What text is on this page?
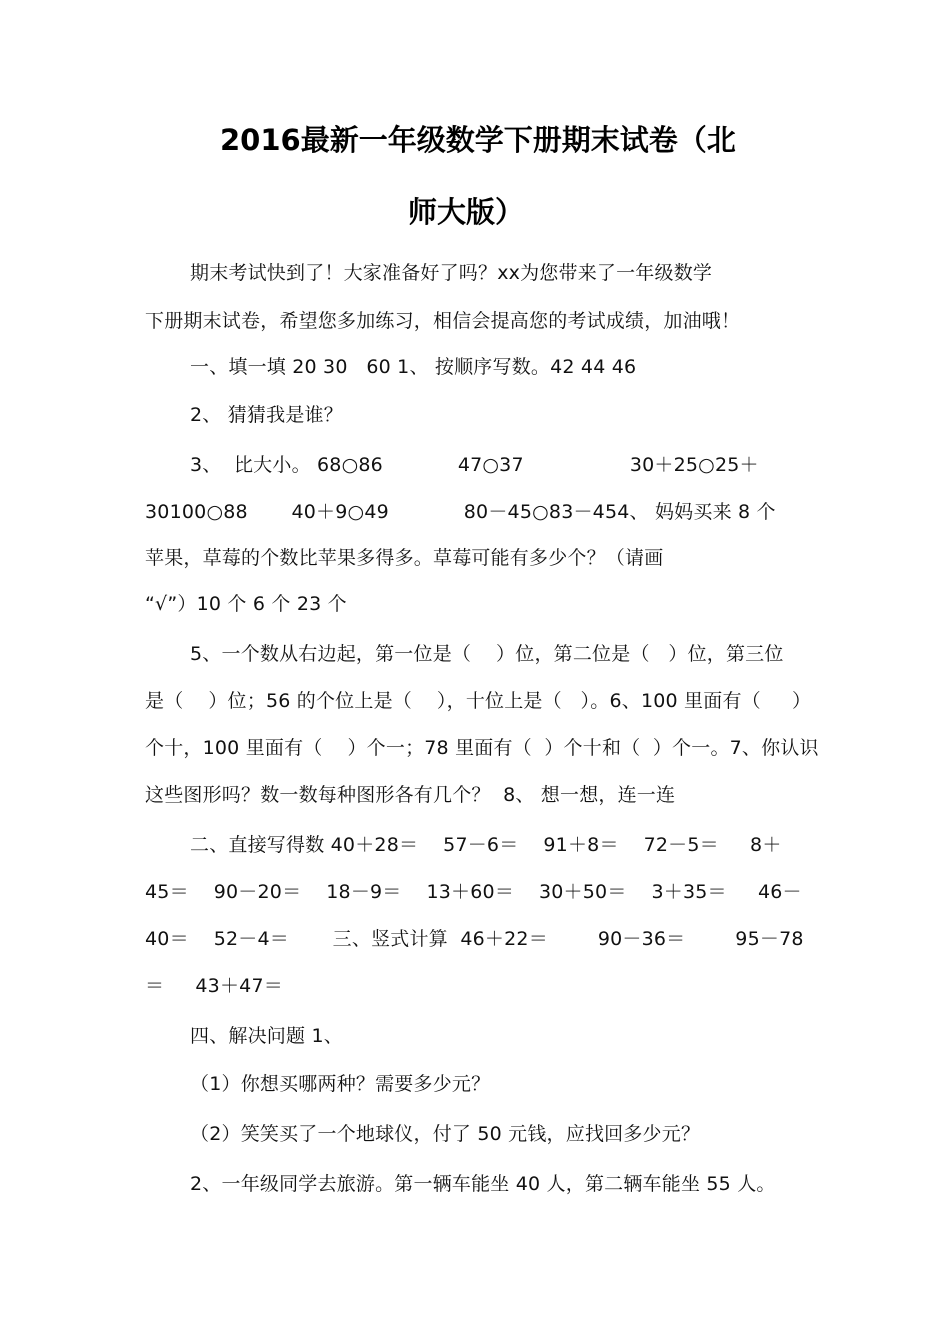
2016最新一年级数学下册期末试卷（北
师大版）
期末考试快到了！大家准备好了吗？xx为您带来了一年级数学
下册期末试卷，希望您多加练习，相信会提高您的考试成绩，加油哦！
一、填一填 20 30   60 1、 按顺序写数。42 44 46
2、 猜猜我是谁？
3、  比大小。 68○86            47○37                 30＋25○25＋
30100○88       40＋9○49            80－45○83－454、 妈妈买来 8 个
苹果，草莓的个数比苹果多得多。草莓可能有多少个？（请画
“√”）10 个 6 个 23 个
5、一个数从右边起，第一位是（    ）位，第二位是（   ）位，第三位
是（    ）位；56 的个位上是（    ），十位上是（   ）。6、100 里面有（     ）
个十，100 里面有（    ）个一；78 里面有（  ）个十和（  ）个一。7、你认识
这些图形吗？数一数每种图形各有几个？  8、 想一想，连一连
二、直接写得数 40＋28＝    57－6＝    91＋8＝    72－5＝     8＋
45＝    90－20＝    18－9＝    13＋60＝    30＋50＝    3＋35＝     46－
40＝    52－4＝       三、竖式计算  46＋22＝        90－36＝        95－78
＝     43＋47＝
四、解决问题 1、
（1）你想买哪两种？需要多少元？
（2）笑笑买了一个地球仪，付了 50 元钱，应找回多少元？
2、一年级同学去旅游。第一辆车能坐 40 人，第二辆车能坐 55 人。
